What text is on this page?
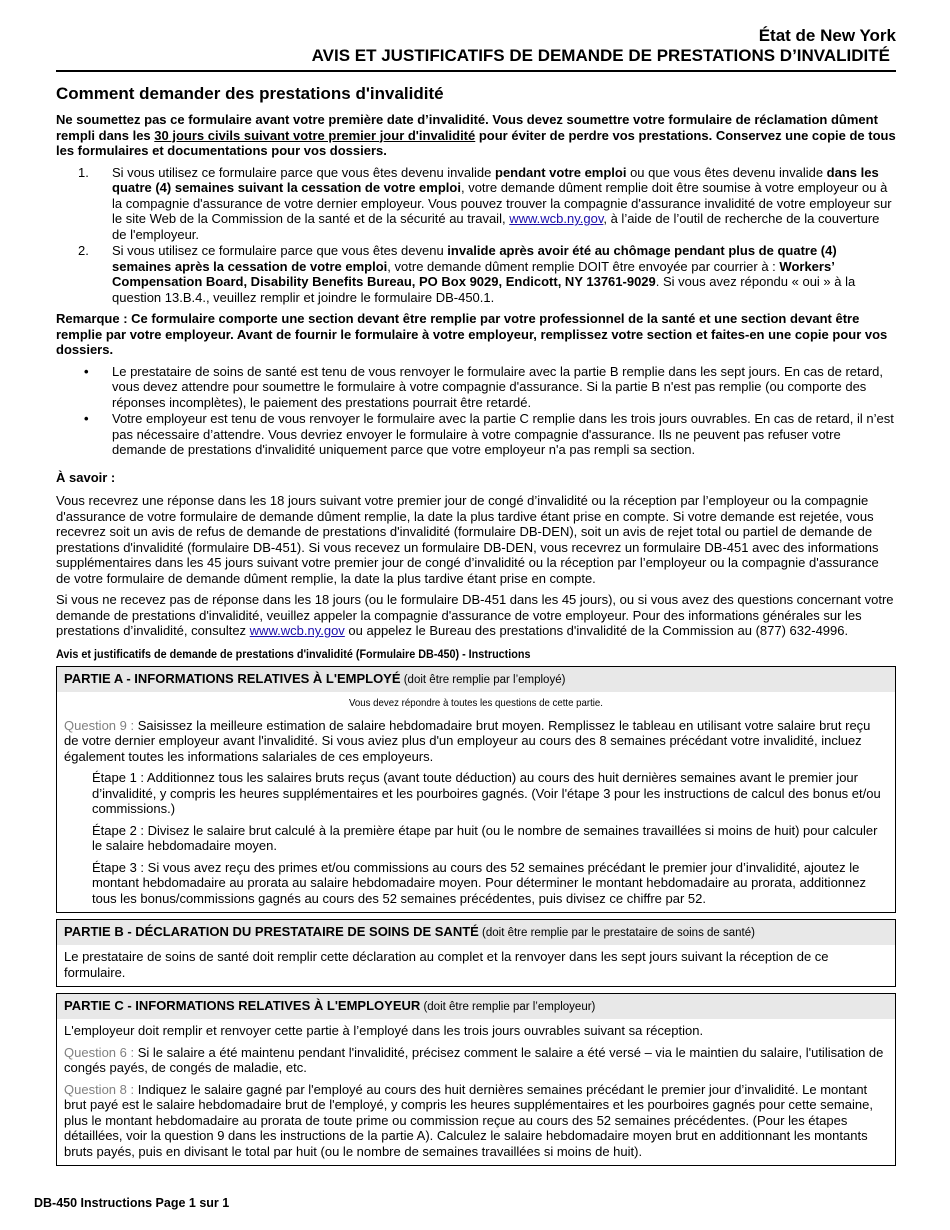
État de New York
AVIS ET JUSTIFICATIFS DE DEMANDE DE PRESTATIONS D’INVALIDITÉ
Comment demander des prestations d'invalidité

Ne soumettez pas ce formulaire avant votre première date d’invalidité. Vous devez soumettre votre formulaire de réclamation dûment rempli dans les 30 jours civils suivant votre premier jour d'invalidité pour éviter de perdre vos prestations. Conservez une copie de tous les formulaires et documentations pour vos dossiers.

1. Si vous utilisez ce formulaire parce que vous êtes devenu invalide pendant votre emploi ou que vous êtes devenu invalide dans les quatre (4) semaines suivant la cessation de votre emploi, votre demande dûment remplie doit être soumise à votre employeur ou à la compagnie d'assurance de votre dernier employeur. Vous pouvez trouver la compagnie d'assurance invalidité de votre employeur sur le site Web de la Commission de la santé et de la sécurité au travail, www.wcb.ny.gov, à l’aide de l’outil de recherche de la couverture de l'employeur.
2. Si vous utilisez ce formulaire parce que vous êtes devenu invalide après avoir été au chômage pendant plus de quatre (4) semaines après la cessation de votre emploi, votre demande dûment remplie DOIT être envoyée par courrier à : Workers’ Compensation Board, Disability Benefits Bureau, PO Box 9029, Endicott, NY 13761-9029. Si vous avez répondu « oui » à la question 13.B.4., veuillez remplir et joindre le formulaire DB-450.1.

Remarque : Ce formulaire comporte une section devant être remplie par votre professionnel de la santé et une section devant être remplie par votre employeur. Avant de fournir le formulaire à votre employeur, remplissez votre section et faites-en une copie pour vos dossiers.

• Le prestataire de soins de santé est tenu de vous renvoyer le formulaire avec la partie B remplie dans les sept jours. En cas de retard, vous devez attendre pour soumettre le formulaire à votre compagnie d'assurance. Si la partie B n'est pas remplie (ou comporte des réponses incomplètes), le paiement des prestations pourrait être retardé.
• Votre employeur est tenu de vous renvoyer le formulaire avec la partie C remplie dans les trois jours ouvrables. En cas de retard, il n’est pas nécessaire d’attendre. Vous devriez envoyer le formulaire à votre compagnie d'assurance. Ils ne peuvent pas refuser votre demande de prestations d'invalidité uniquement parce que votre employeur n'a pas rempli sa section.
À savoir :

Vous recevrez une réponse dans les 18 jours suivant votre premier jour de congé d’invalidité ou la réception par l’employeur ou la compagnie d'assurance de votre formulaire de demande dûment remplie, la date la plus tardive étant prise en compte. Si votre demande est rejetée, vous recevrez soit un avis de refus de demande de prestations d'invalidité (formulaire DB-DEN), soit un avis de rejet total ou partiel de demande de prestations d'invalidité (formulaire DB-451). Si vous recevez un formulaire DB-DEN, vous recevrez un formulaire DB-451 avec des informations supplémentaires dans les 45 jours suivant votre premier jour de congé d’invalidité ou la réception par l’employeur ou la compagnie d'assurance de votre formulaire de demande dûment remplie, la date la plus tardive étant prise en compte.

Si vous ne recevez pas de réponse dans les 18 jours (ou le formulaire DB-451 dans les 45 jours), ou si vous avez des questions concernant votre demande de prestations d'invalidité, veuillez appeler la compagnie d'assurance de votre employeur. Pour des informations générales sur les prestations d’invalidité, consultez www.wcb.ny.gov ou appelez le Bureau des prestations d'invalidité de la Commission au (877) 632-4996.

Avis et justificatifs de demande de prestations d'invalidité (Formulaire DB-450) - Instructions
PARTIE A - INFORMATIONS RELATIVES À L'EMPLOYÉ (doit être remplie par l’employé)
Vous devez répondre à toutes les questions de cette partie.

Question 9 : Saisissez la meilleure estimation de salaire hebdomadaire brut moyen. Remplissez le tableau en utilisant votre salaire brut reçu de votre dernier employeur avant l'invalidité. Si vous aviez plus d'un employeur au cours des 8 semaines précédant votre invalidité, incluez également toutes les informations salariales de ces employeurs.

Étape 1 : Additionnez tous les salaires bruts reçus (avant toute déduction) au cours des huit dernières semaines avant le premier jour d’invalidité, y compris les heures supplémentaires et les pourboires gagnés. (Voir l'étape 3 pour les instructions de calcul des bonus et/ou commissions.)

Étape 2 : Divisez le salaire brut calculé à la première étape par huit (ou le nombre de semaines travaillées si moins de huit) pour calculer le salaire hebdomadaire moyen.

Étape 3 : Si vous avez reçu des primes et/ou commissions au cours des 52 semaines précédant le premier jour d’invalidité, ajoutez le montant hebdomadaire au prorata au salaire hebdomadaire moyen. Pour déterminer le montant hebdomadaire au prorata, additionnez tous les bonus/commissions gagnés au cours des 52 semaines précédentes, puis divisez ce chiffre par 52.

PARTIE B - DÉCLARATION DU PRESTATAIRE DE SOINS DE SANTÉ (doit être remplie par le prestataire de soins de santé)

Le prestataire de soins de santé doit remplir cette déclaration au complet et la renvoyer dans les sept jours suivant la réception de ce formulaire.

PARTIE C - INFORMATIONS RELATIVES À L'EMPLOYEUR (doit être remplie par l’employeur)

L'employeur doit remplir et renvoyer cette partie à l’employé dans les trois jours ouvrables suivant sa réception.

Question 6 : Si le salaire a été maintenu pendant l'invalidité, précisez comment le salaire a été versé – via le maintien du salaire, l'utilisation de congés payés, de congés de maladie, etc.

Question 8 : Indiquez le salaire gagné par l'employé au cours des huit dernières semaines précédant le premier jour d’invalidité. Le montant brut payé est le salaire hebdomadaire brut de l'employé, y compris les heures supplémentaires et les pourboires gagnés pour cette semaine, plus le montant hebdomadaire au prorata de toute prime ou commission reçue au cours des 52 semaines précédentes. (Pour les étapes détaillées, voir la question 9 dans les instructions de la partie A). Calculez le salaire hebdomadaire moyen brut en additionnant les montants bruts payés, puis en divisant le total par huit (ou le nombre de semaines travaillées si moins de huit).

DB-450 Instructions Page 1 sur 1
